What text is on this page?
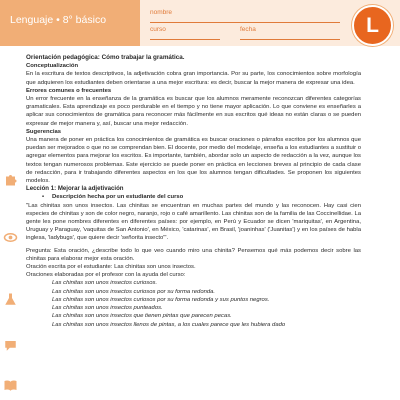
Lenguaje • 8° básico
nombre
curso	fecha	L

Orientación pedagógica: Cómo trabajar la gramática.

Conceptualización

En la escritura de textos descriptivos, la adjetivación cobra gran importancia. Por su parte, los conocimientos sobre morfología que adquieren los estudiantes deben orientarse a una mejor escritura: es decir, buscar la mejor manera de expresar una idea.

Errores comunes o frecuentes

Un error frecuente en la enseñanza de la gramática es buscar que los alumnos meramente reconozcan diferentes categorías gramaticales. Esta aprendizaje es poco perdurable en el tiempo y no tiene mayor aplicación. Lo que conviene es enseñarles a aplicar sus conocimientos de gramática para reconocer más fácilmente en sus escritos qué ideas no están claras o se pueden expresar de mejor manera y, así, buscar una mejor redacción.

Sugerencias

Una manera de poner en práctica los conocimientos de gramática es buscar oraciones o párrafos escritos por los alumnos que puedan ser mejorados o que no se comprendan bien. El docente, por medio del modelaje, enseña a los estudiantes a sustituir o agregar elementos para mejorar los escritos. Es importante, también, abordar solo un aspecto de redacción a la vez, aunque los textos tengan numerosos problemas. Este ejercicio se puede poner en práctica en lecciones breves al principio de cada clase de redacción, para ir trabajando diferentes aspectos en los que los alumnos tengan dificultades. Se proponen los siguientes modelos.

Lección 1: Mejorar la adjetivación

• Descripción hecha por un estudiante del curso

"Las chinitas son unos insectos. Las chinitas se encuentran en muchas partes del mundo y las reconocen. Hay casi cien especies de chinitas y son de color negro, naranjo, rojo o café amarillento. Las chinitas son de la familia de las Coccinellidae. La gente les pone nombres diferentes en diferentes países: por ejemplo, en Perú y Ecuador se dicen 'mariquitas', en Argentina, Uruguay y Paraguay, 'vaquitas de San Antonio', en México, 'catarinas', en Brasil, 'joaninhas' ('Juanitas') y en los países de habla inglesa, 'ladybugs', que quiere decir 'señorita insecto'".

Pregunta: Esta oración, ¿describe todo lo que veo cuando miro una chinita? Pensemos qué más podemos decir sobre las chinitas para elaborar mejor esta oración.

Oración escrita por el estudiante: Las chinitas son unos insectos.

Oraciones elaboradas por el profesor con la ayuda del curso:

Las chinitas son unos insectos curiosos.

Las chinitas son unos insectos curiosos por su forma redonda.

Las chinitas son unos insectos curiosos por su forma redonda y sus puntos negros.

Las chinitas son unos insectos punteados.

Las chinitas son unos insectos que tienen pintas que parecen pecas.

Las chinitas son unos insectos llenos de pintas, a los cuales parece que les hubiera dado
